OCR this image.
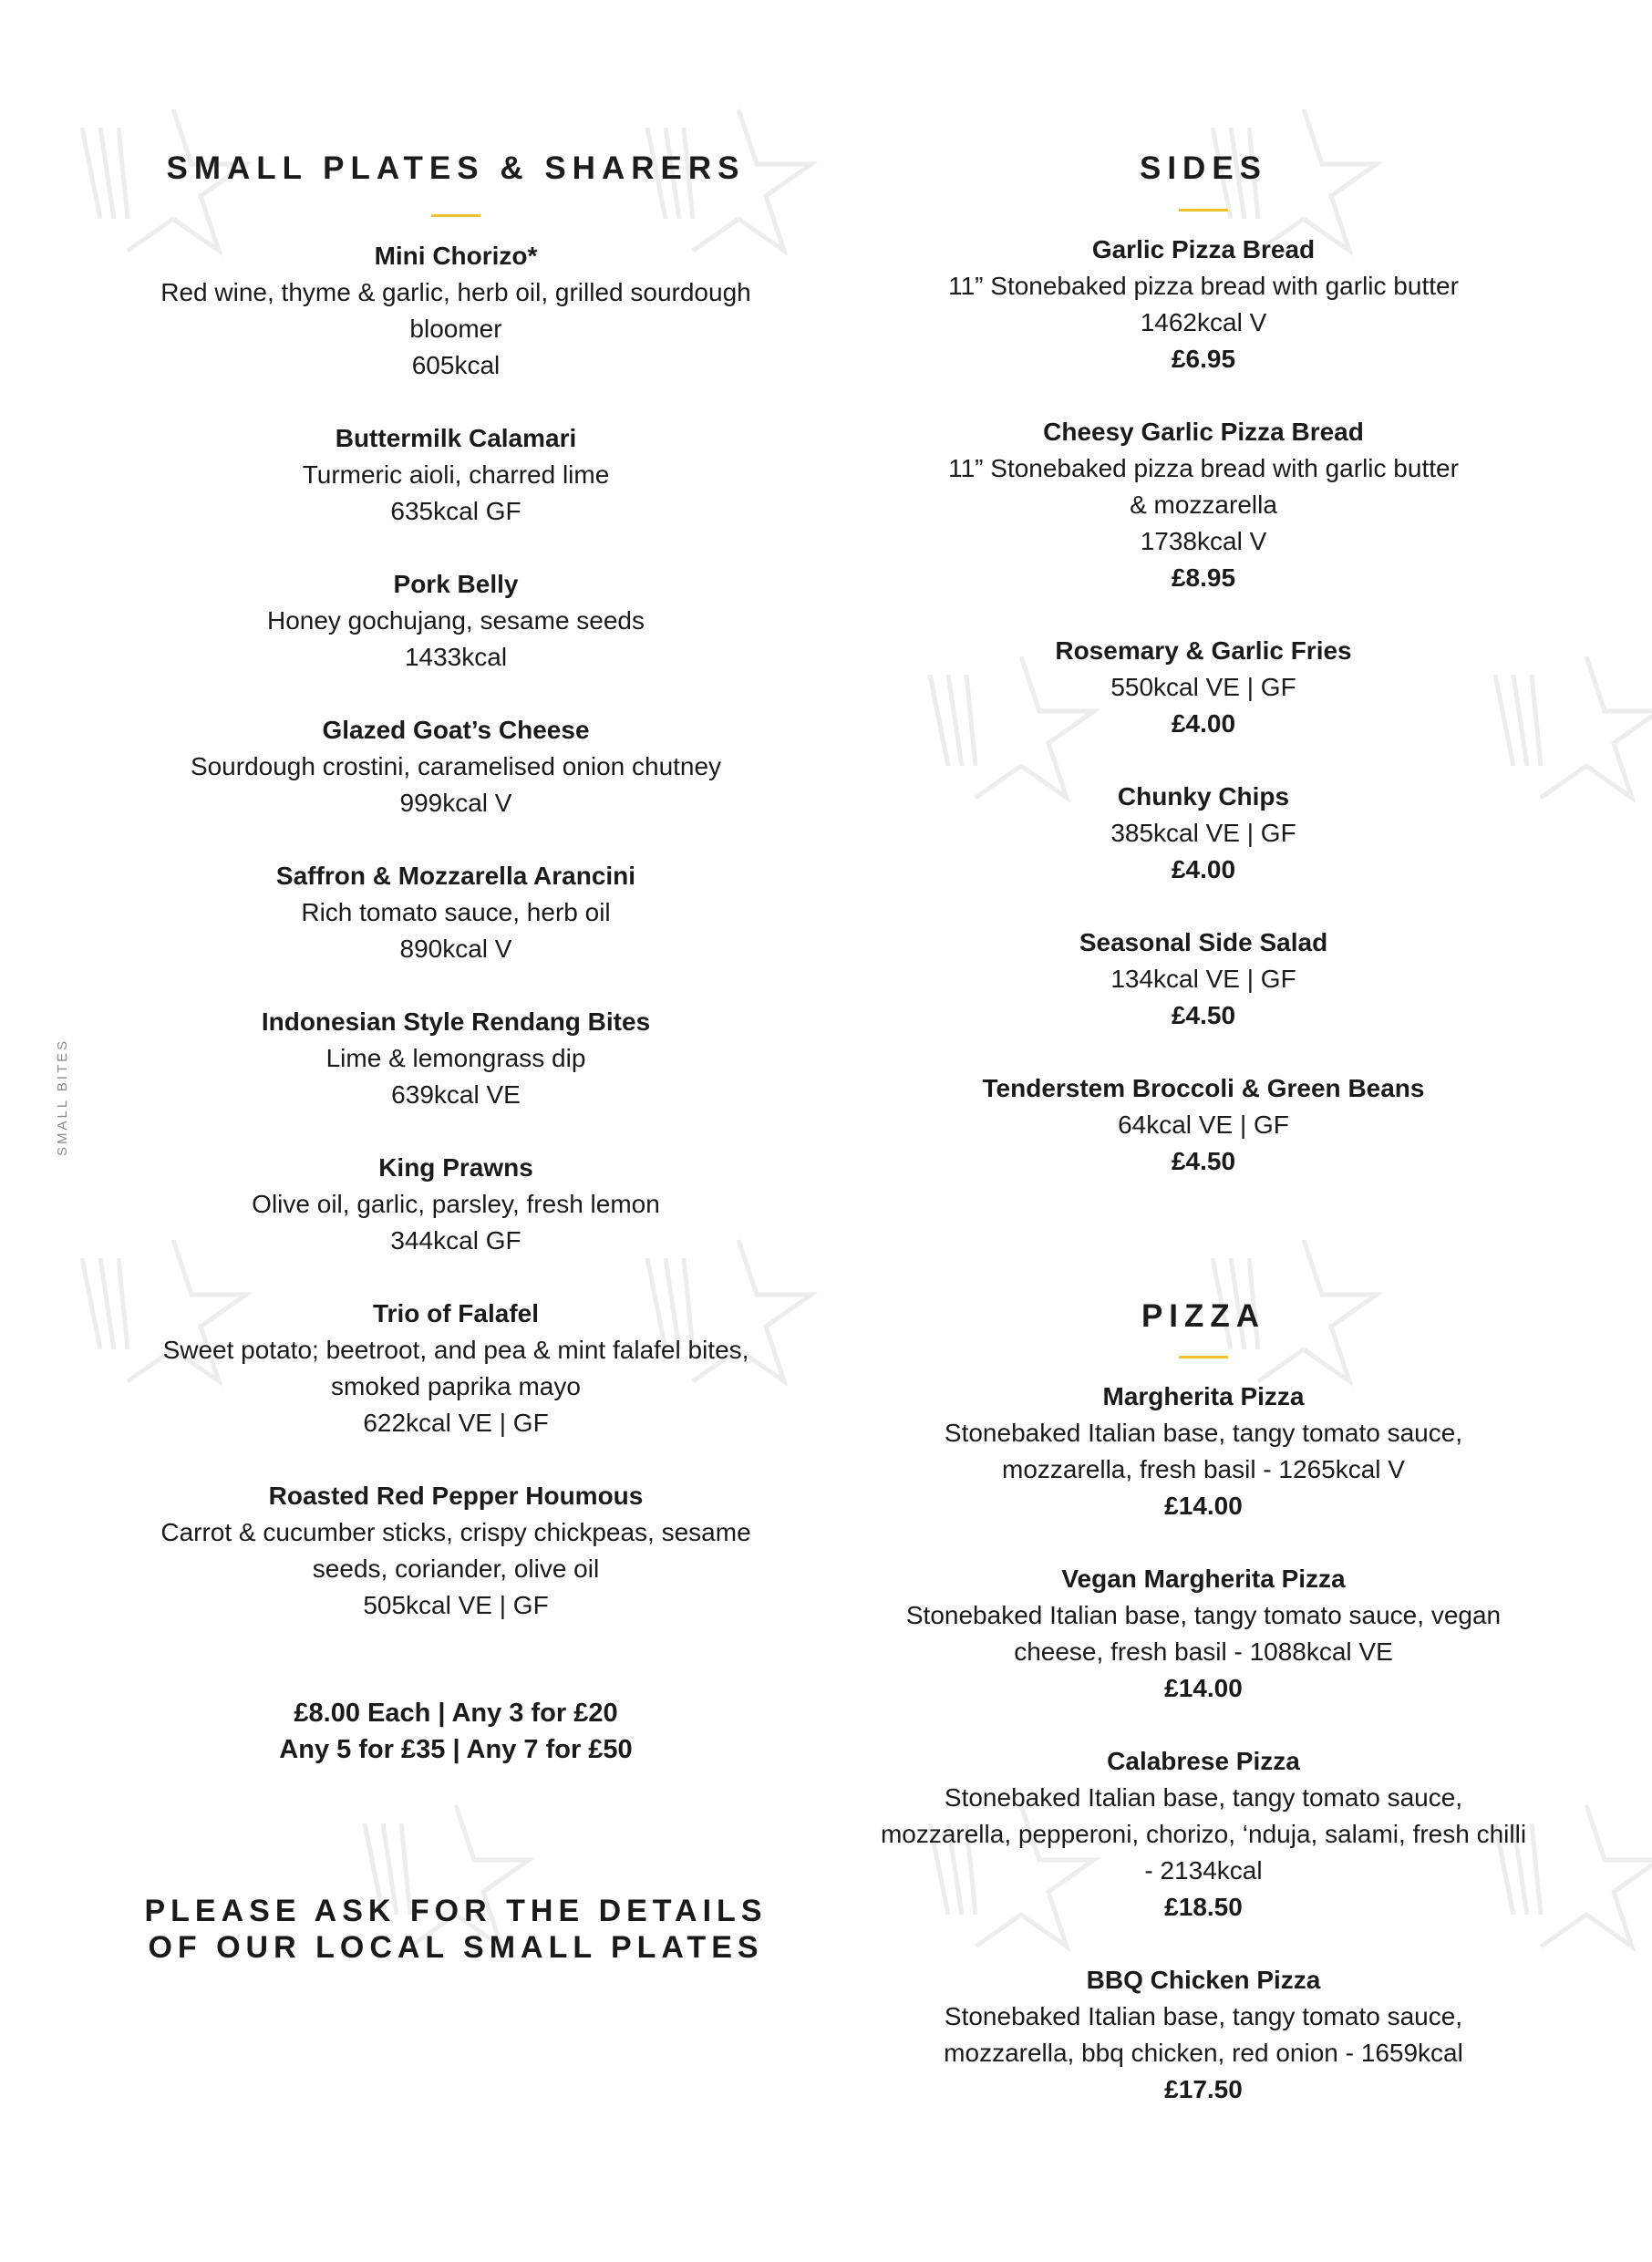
SMALL BITES
SMALL PLATES & SHARERS
Mini Chorizo*
Red wine, thyme & garlic, herb oil, grilled sourdough
bloomer
605kcal
Buttermilk Calamari
Turmeric aioli, charred lime
635kcal GF
Pork Belly
Honey gochujang, sesame seeds
1433kcal
Glazed Goat’s Cheese
Sourdough crostini, caramelised onion chutney
999kcal V
Saffron & Mozzarella Arancini
Rich tomato sauce, herb oil
890kcal V
Indonesian Style Rendang Bites
Lime & lemongrass dip
639kcal VE
King Prawns
Olive oil, garlic, parsley, fresh lemon
344kcal GF
Trio of Falafel
Sweet potato; beetroot, and pea & mint falafel bites,
smoked paprika mayo
622kcal VE | GF
Roasted Red Pepper Houmous
Carrot & cucumber sticks, crispy chickpeas, sesame
seeds, coriander, olive oil
505kcal VE | GF
£8.00 Each | Any 3 for £20
Any 5 for £35 | Any 7 for £50
PLEASE ASK FOR THE DETAILS
OF OUR LOCAL SMALL PLATES
SIDES
Garlic Pizza Bread
11” Stonebaked pizza bread with garlic butter
1462kcal V
£6.95
Cheesy Garlic Pizza Bread
11” Stonebaked pizza bread with garlic butter
& mozzarella
1738kcal V
£8.95
Rosemary & Garlic Fries
550kcal VE | GF
£4.00
Chunky Chips
385kcal VE | GF
£4.00
Seasonal Side Salad
134kcal VE | GF
£4.50
Tenderstem Broccoli & Green Beans
64kcal VE | GF
£4.50
PIZZA
Margherita Pizza
Stonebaked Italian base, tangy tomato sauce,
mozzarella, fresh basil - 1265kcal V
£14.00
Vegan Margherita Pizza
Stonebaked Italian base, tangy tomato sauce, vegan
cheese, fresh basil - 1088kcal VE
£14.00
Calabrese Pizza
Stonebaked Italian base, tangy tomato sauce,
mozzarella, pepperoni, chorizo, ‘nduja, salami, fresh chilli
- 2134kcal
£18.50
BBQ Chicken Pizza
Stonebaked Italian base, tangy tomato sauce,
mozzarella, bbq chicken, red onion - 1659kcal
£17.50
